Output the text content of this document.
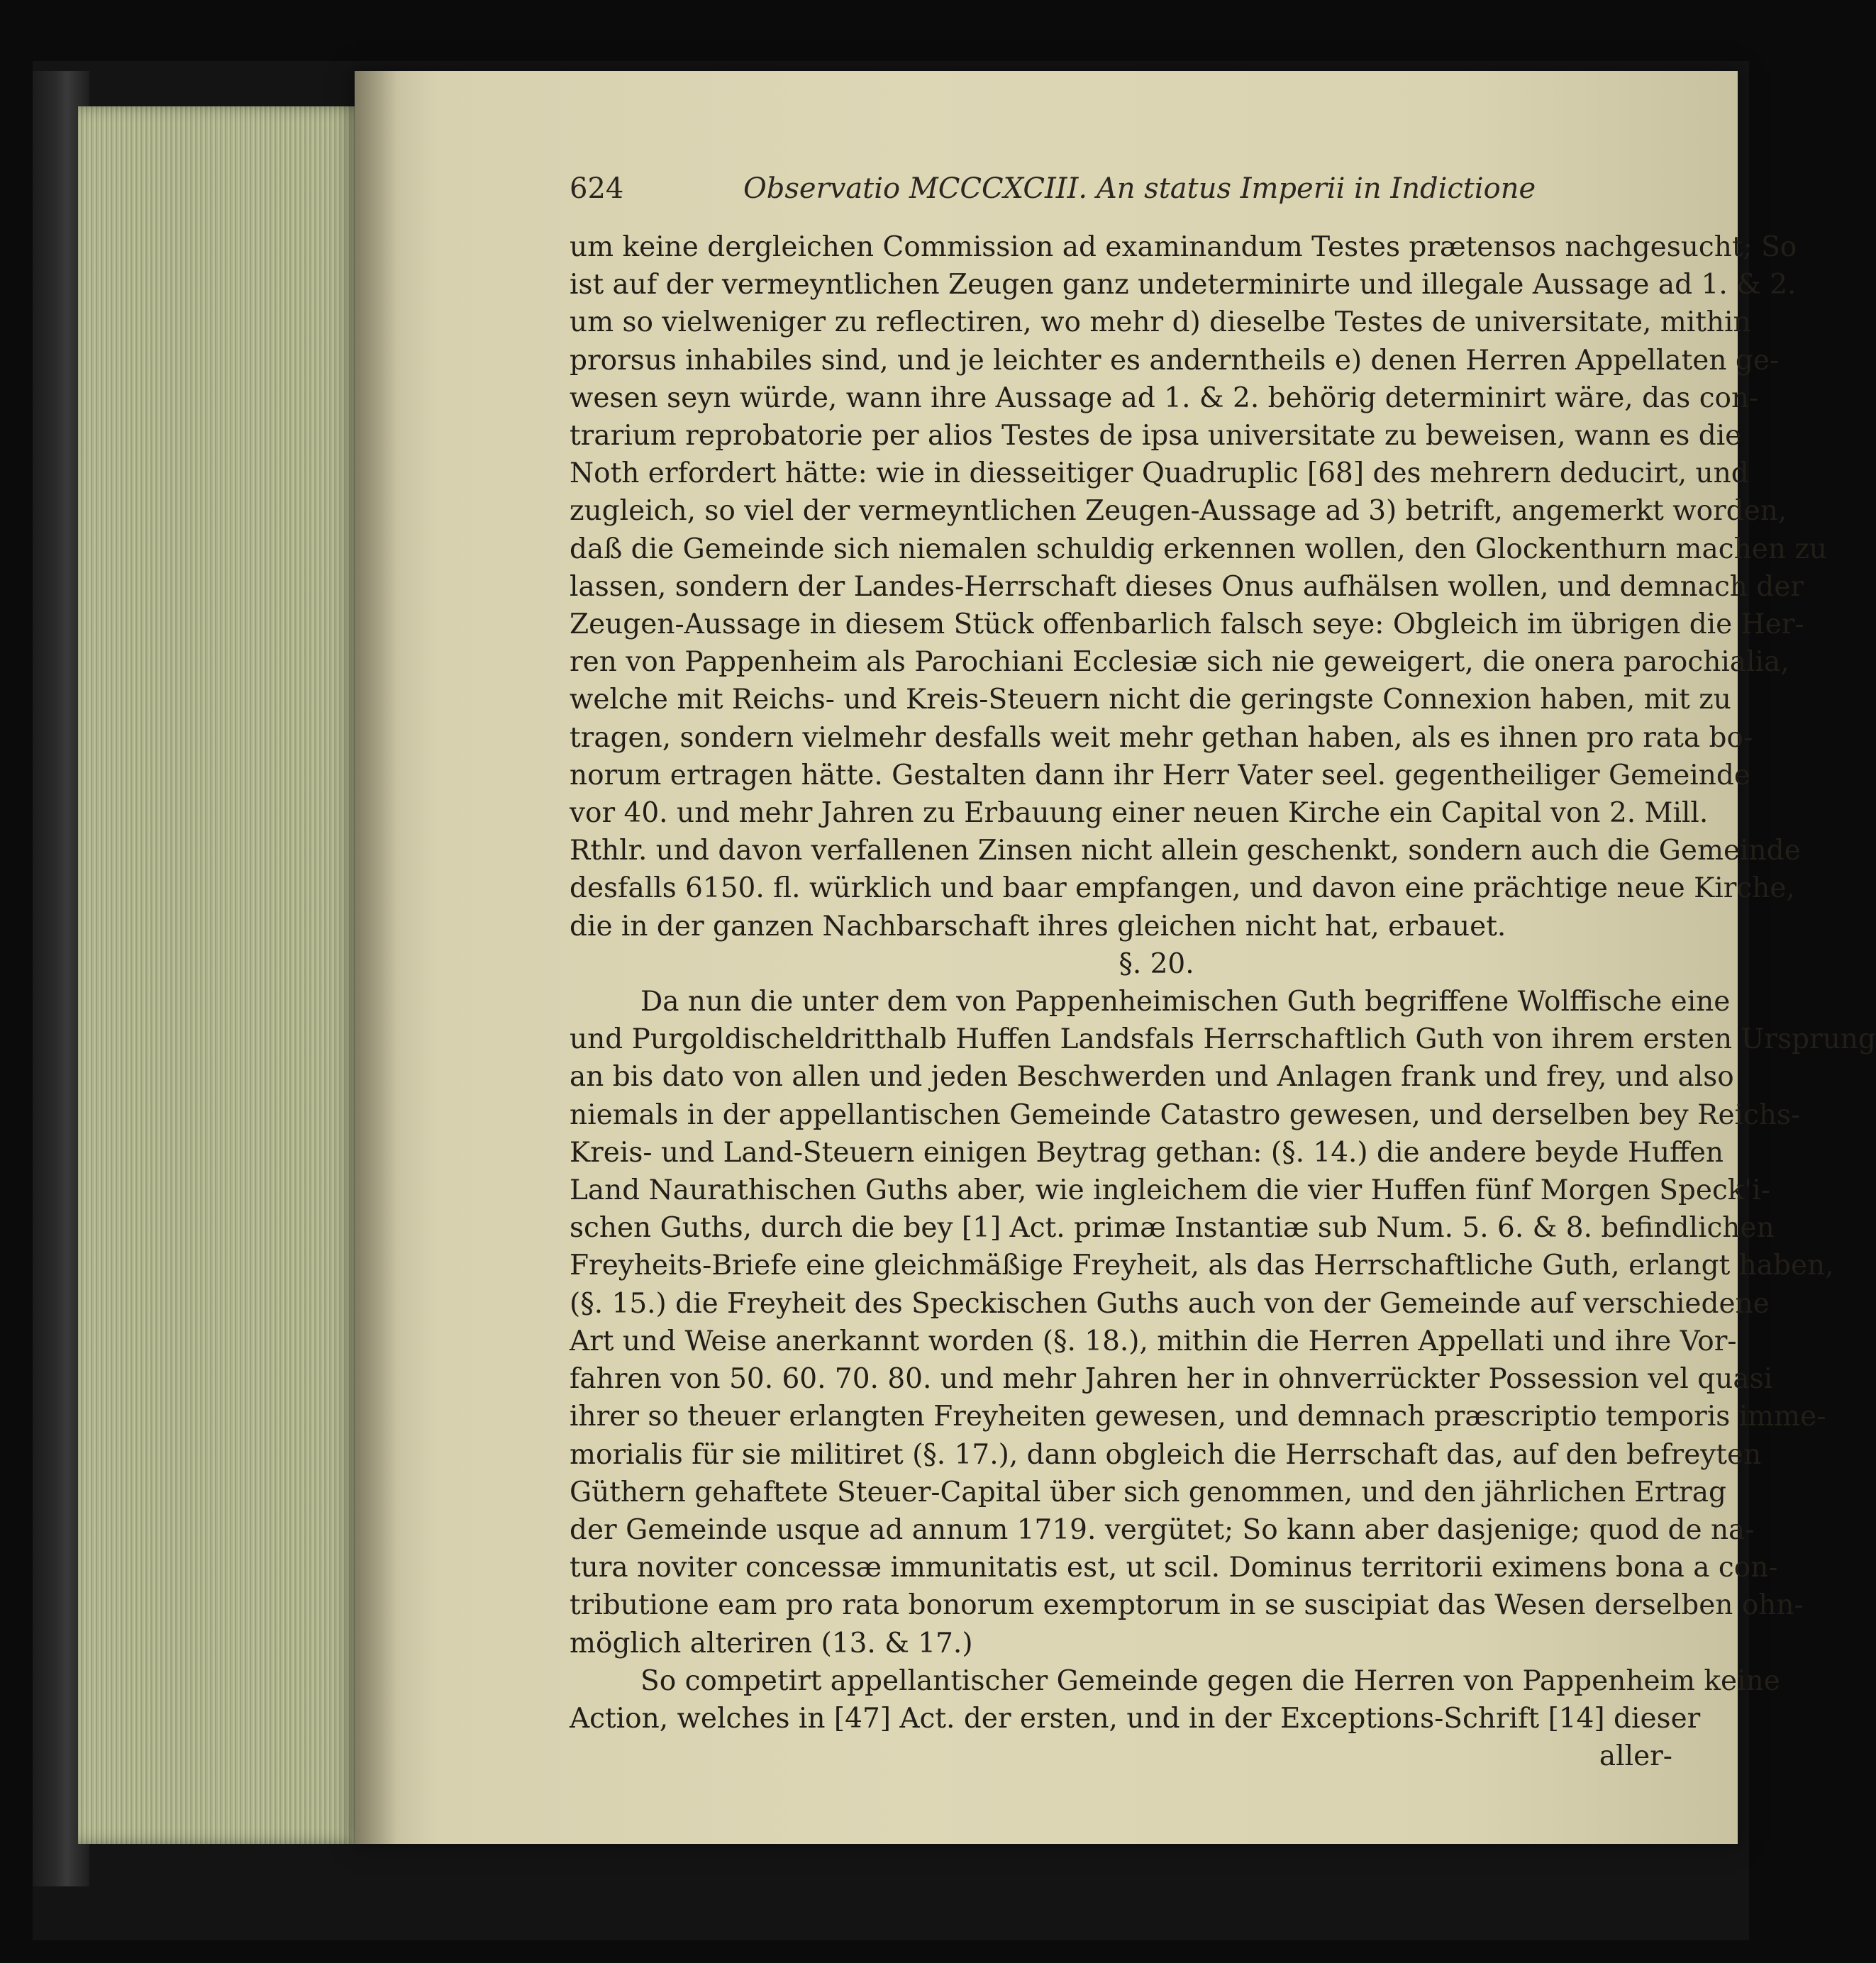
624	Observatio MCCCXCIII. An status Imperii in Indictione
um keine dergleichen Commission ad examinandum Testes prætensos nachgesucht; So
ist auf der vermeyntlichen Zeugen ganz undeterminirte und illegale Aussage ad 1. & 2.
um so vielweniger zu reflectiren, wo mehr d) dieselbe Testes de universitate, mithin
prorsus inhabiles sind, und je leichter es anderntheils e) denen Herren Appellaten ge-
wesen seyn würde, wann ihre Aussage ad 1. & 2. behörig determinirt wäre, das con-
trarium reprobatorie per alios Testes de ipsa universitate zu beweisen, wann es die
Noth erfordert hätte: wie in diesseitiger Quadruplic [68] des mehrern deducirt, und
zugleich, so viel der vermeyntlichen Zeugen-Aussage ad 3) betrift, angemerkt worden,
daß die Gemeinde sich niemalen schuldig erkennen wollen, den Glockenthurn machen zu
lassen, sondern der Landes-Herrschaft dieses Onus aufhälsen wollen, und demnach der
Zeugen-Aussage in diesem Stück offenbarlich falsch seye: Obgleich im übrigen die Her-
ren von Pappenheim als Parochiani Ecclesiæ sich nie geweigert, die onera parochialia,
welche mit Reichs- und Kreis-Steuern nicht die geringste Connexion haben, mit zu
tragen, sondern vielmehr desfalls weit mehr gethan haben, als es ihnen pro rata bo-
norum ertragen hätte. Gestalten dann ihr Herr Vater seel. gegentheiliger Gemeinde
vor 40. und mehr Jahren zu Erbauung einer neuen Kirche ein Capital von 2. Mill.
Rthlr. und davon verfallenen Zinsen nicht allein geschenkt, sondern auch die Gemeinde
desfalls 6150. fl. würklich und baar empfangen, und davon eine prächtige neue Kirche,
die in der ganzen Nachbarschaft ihres gleichen nicht hat, erbauet.
§. 20.
Da nun die unter dem von Pappenheimischen Guth begriffene Wolffische eine
und Purgoldischeldritthalb Huffen Landsfals Herrschaftlich Guth von ihrem ersten Ursprung
an bis dato von allen und jeden Beschwerden und Anlagen frank und frey, und also
niemals in der appellantischen Gemeinde Catastro gewesen, und derselben bey Reichs-
Kreis- und Land-Steuern einigen Beytrag gethan: (§. 14.) die andere beyde Huffen
Land Naurathischen Guths aber, wie ingleichem die vier Huffen fünf Morgen Speck'i-
schen Guths, durch die bey [1] Act. primæ Instantiæ sub Num. 5. 6. & 8. befindlichen
Freyheits-Briefe eine gleichmäßige Freyheit, als das Herrschaftliche Guth, erlangt haben,
(§. 15.) die Freyheit des Speckischen Guths auch von der Gemeinde auf verschiedene
Art und Weise anerkannt worden (§. 18.), mithin die Herren Appellati und ihre Vor-
fahren von 50. 60. 70. 80. und mehr Jahren her in ohnverrückter Possession vel quasi
ihrer so theuer erlangten Freyheiten gewesen, und demnach præscriptio temporis imme-
morialis für sie militiret (§. 17.), dann obgleich die Herrschaft das, auf den befreyten
Güthern gehaftete Steuer-Capital über sich genommen, und den jährlichen Ertrag
der Gemeinde usque ad annum 1719. vergütet; So kann aber dasjenige; quod de na-
tura noviter concessæ immunitatis est, ut scil. Dominus territorii eximens bona a con-
tributione eam pro rata bonorum exemptorum in se suscipiat das Wesen derselben ohn-
möglich alteriren (13. & 17.)
So competirt appellantischer Gemeinde gegen die Herren von Pappenheim keine
Action, welches in [47] Act. der ersten, und in der Exceptions-Schrift [14] dieser
aller-
